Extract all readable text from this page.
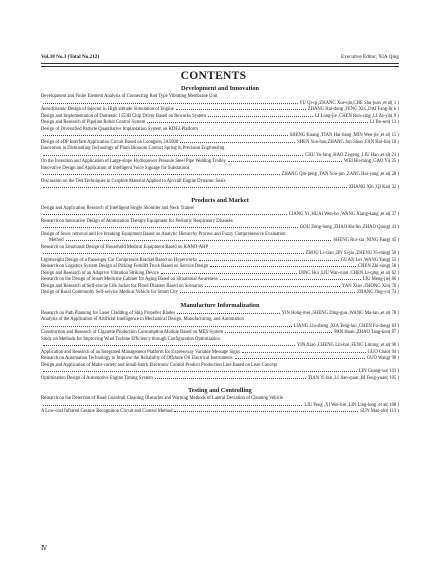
Vol.38 No.3 (Total No.212)	Executive Editor, XIA Qing
CONTENTS
Development and Innovation
Development and Finite Element Analysis of Connecting Rod Type Vibrating Membrane Unit
FU Qi-qi ,ZHANG Xue-qin,CHE Shu-juan ,et al( 1 )
Aerodynamic Design of Injector in High altitude Simulation of Engine	ZHANG Hai-dong ,FENG Xin ,DAI Fang-li( 6 )
Design and Implementation of Domestic 1553B Chip Driver Based on Reworks System	LI Long-jie ,CHEN Run-xing ,LI Ze-yin( 9 )
Design and Research of Pipeline Robot Control System	LI Bo-sen( 13 )
Design of Diversified Particle Quantitative Implantation System on KDF2 Platform
SHENG Kuang ,TIAN Hai-liang ,MIN Wen-jie ,et al( 15 )
Design of eDP Interface Application Circuit Based on Loongson 3A5000	SHEN Yun-hao,ZHANG Jun-Shuo ,FAN Hui-lin( 18 )
Innovation in Dismantling Technology of Plum Blossom Contact Spring in Precision Engineering
CHU Yu-lang ,HAO Zi-geng ,LIU Hao ,et al( 21 )
On the Invention and Application of Large-slope Hydropower Pressure Steel Pipe Welding Trolley	WEI Hu-ming ,GAO Yi( 25 )
Innovative Design and Application of Intelligent Voice Signage for Substations
ZHANG Qin-peng ,TAN You-jun ,ZANG Hai-yang ,et al( 28 )
Discussion on the Test Techniques in Graphite Material Applied to Aircraft Engine Dynamic Seals
ZHANG Xin ,QI Kai( 32 )
Products and Market
Design and Application Research of Intelligent Single Shoulder and Neck Trainer
LIANG Yi ,HUAI Wen-bo ,WANG Xiang-kang ,et al( 37 )
Research on Innovative Design of Atomization Therapy Equipment for Pediatric Respiratory Diseases
GOU Zeng-hong ,ZHAO Hu-lin ,ZHAO Qiong( 41 )
Design of Snow removal and Ice breaking Equipment Based on Analytic Hierarchy Process and Fuzzy Comprehensive Evaluation
Method	SHENG Rui-xia ,NING Fang( 45 )
Research on Emotional Design of Household Medical Equipment Based on KANO-AHP
ZHOU Li-xian ,JIN Si-jia ,ZHENG Yi-ming( 50 )
Lightweight Design of a Passenger Car Compressor Bracket Based on Hyperworks	GUAN Lei ,WANG Yang( 55 )
Research on Logistics System Design of Picking Forklift Truck Based on Service Design	CHEN Zhi-song( 58 )
Design and Research of an Adaptive Vibration Striking Device	DING Hui ,LIU Wan-nian ,CHEN Li-qing ,et al( 62 )
Research on the Design of Smart Medicine Cabinet for Aging Based on Situational Awareness	LIU Meng-jie( 66 )
Design and Research of Self-rescue Life Jacket for Flood Disaster Based on Scenarios	YAN Xiao ,ZHONG Xin( 70 )
Design of Rural Community Self-service Medical Vehicle for Smart City	ZHANG Jing-yu( 74 )
Manufacture Informalization
Research on Path Planning for Laser Cladding of Ship Propeller Blades	YIN Hong-mei ,SHENG Ding-guo ,WANG Mu-lan ,et al( 78 )
Analysis of the Application of Artificial Intelligence in Mechanical Design, Manufacturing, and Automation
LIANG Lin-sheng ,XIA Teng-hui ,CHEN Fu-dong( 83 )
Construction and Research of Cigarette Production Consumption Module Based on MES System	PAN Huan ,ZHAO Tang-kun( 87 )
Study on Methods for Improving Wind Turbine Efficiency through Configuration Optimization
YIN Xiao ,CHENG Lin-hai ,FENG Liming ,et al( 90 )
Application and Research of an Integrated Management Platform for Expressway Variable Message Signs	GUO Chao( 94 )
Research on Automation Technology to Improve the Reliability of Offshore Oil Electrical Instruments	GUO Wang( 98 )
Design and Application of Multi-variety and Small-batch Electronic Control Product Production Line Based on Lean Concept
LIN Guang-xu( 101 )
Optimization Design of Automotive Engine Timing System	TIAN Yi-bin ,LI Jian-quan ,BI Feng-yuan( 105 )
Testing and Controlling
Research on the Detection of Road Guardrail Cleaning Obstacles and Warning Methods of Lateral Deviation of Cleaning Vehicle
LIU Peng ,XI Wei-bin ,LIN Ling-long ,et al( 108 )
A Low-cost Infrared Gesture Recognition Circuit and Control Method	SUN Mao-zhi( 113 )
Ⅳ
